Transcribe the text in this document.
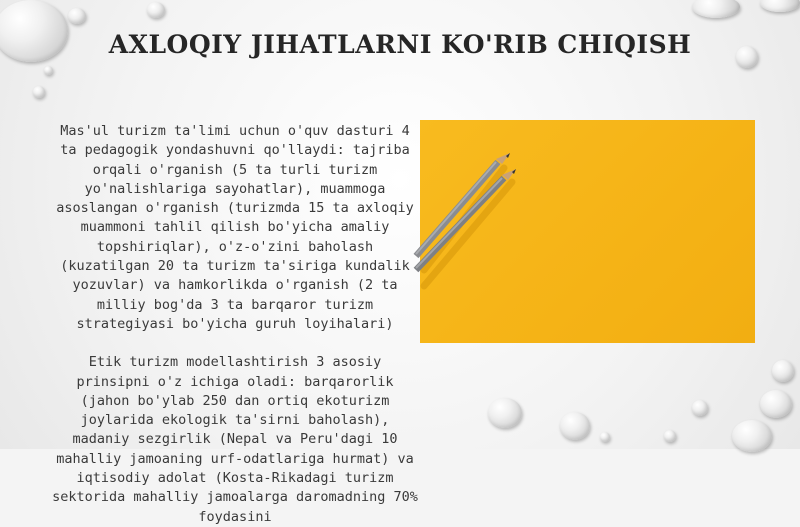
AXLOQIY JIHATLARNI KO'RIB CHIQISH

Mas'ul turizm ta'limi uchun o'quv dasturi 4 ta pedagogik yondashuvni qo'llaydi: tajriba orqali o'rganish (5 ta turli turizm yo'nalishlariga sayohatlar), muammoga asoslangan o'rganish (turizmda 15 ta axloqiy muammoni tahlil qilish bo'yicha amaliy topshiriqlar), o'z-o'zini baholash (kuzatilgan 20 ta turizm ta'siriga kundalik yozuvlar) va hamkorlikda o'rganish (2 ta milliy bog'da 3 ta barqaror turizm strategiyasi bo'yicha guruh loyihalari)

Etik turizm modellashtirish 3 asosiy prinsipni o'z ichiga oladi: barqarorlik (jahon bo'ylab 250 dan ortiq ekoturizm joylarida ekologik ta'sirni baholash), madaniy sezgirlik (Nepal va Peru'dagi 10 mahalliy jamoaning urf-odatlariga hurmat) va iqtisodiy adolat (Kosta-Rikadagi turizm sektorida mahalliy jamoalarga daromadning 70% foydasini
